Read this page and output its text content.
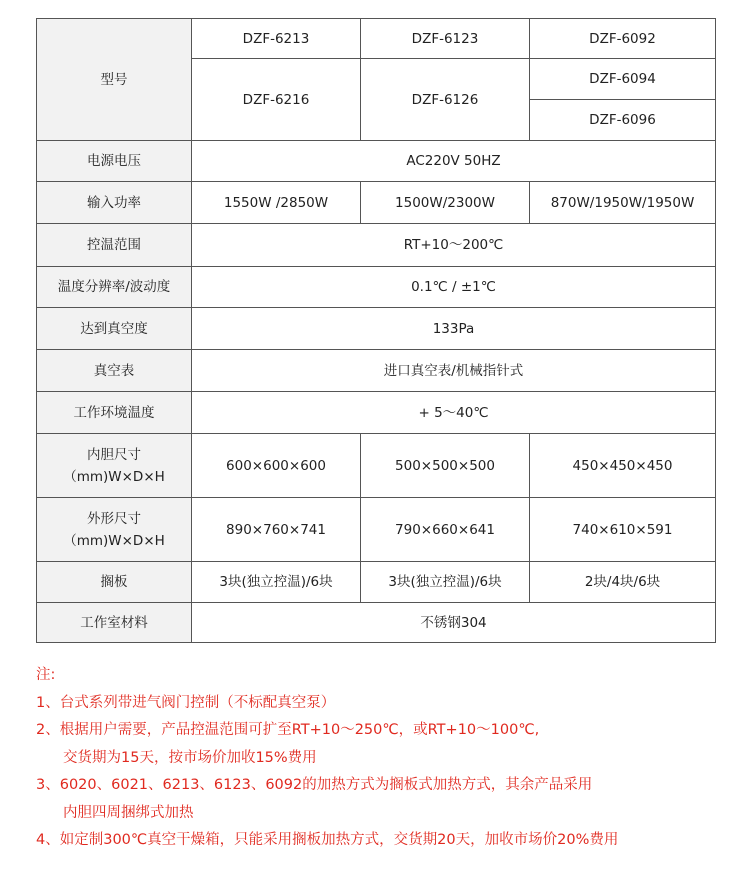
型号	DZF-6213	DZF-6123	DZF-6092
	DZF-6216	DZF-6126	DZF-6094
			DZF-6096
电源电压	AC220V 50HZ		
输入功率	1550W /2850W	1500W/2300W	870W/1950W/1950W
控温范围	RT+10～200℃		
温度分辨率/波动度	0.1℃ / ±1℃		
达到真空度	133Pa		
真空表	进口真空表/机械指针式		
工作环境温度	+ 5～40℃		

内胆尺寸
（mm)W×D×H	600×600×600	500×500×500	450×450×450

外形尺寸
（mm)W×D×H	890×760×741	790×660×641	740×610×591
搁板	3块(独立控温)/6块	3块(独立控温)/6块	2块/4块/6块
工作室材料	不锈钢304		

注:

1、台式系列带进气阀门控制（不标配真空泵）

2、根据用户需要，产品控温范围可扩至RT+10～250℃，或RT+10～100℃,

交货期为15天，按市场价加收15%费用

3、6020、6021、6213、6123、6092的加热方式为搁板式加热方式，其余产品采用

内胆四周捆绑式加热

4、如定制300℃真空干燥箱，只能采用搁板加热方式，交货期20天，加收市场价20%费用
